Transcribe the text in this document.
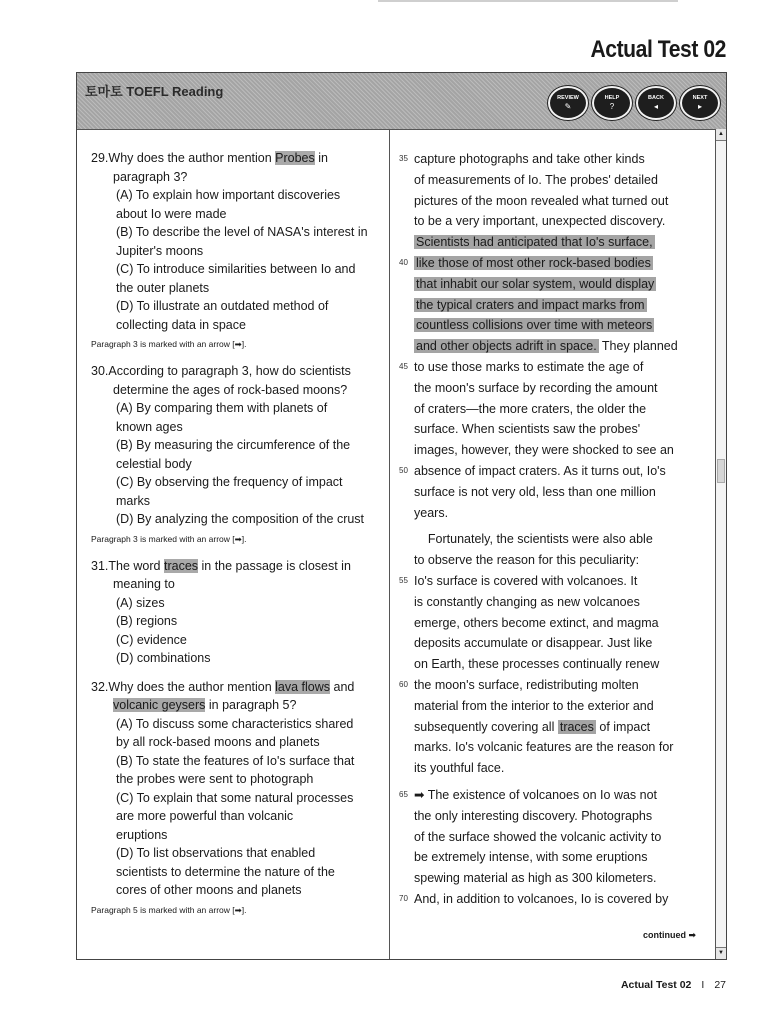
Actual Test 02
토마토 TOEFL Reading	REVIEW
✎
HELP
?
BACK
◂
NEXT
▸
29.Why does the author mention Probes in
paragraph 3?
(A) To explain how important discoveries
about Io were made
(B) To describe the level of NASA's interest in
Jupiter's moons
(C) To introduce similarities between Io and
the outer planets
(D) To illustrate an outdated method of
collecting data in space
Paragraph 3 is marked with an arrow [➡].
30.According to paragraph 3, how do scientists
determine the ages of rock-based moons?
(A) By comparing them with planets of
known ages
(B) By measuring the circumference of the
celestial body
(C) By observing the frequency of impact
marks
(D) By analyzing the composition of the crust
Paragraph 3 is marked with an arrow [➡].
31.The word traces in the passage is closest in
meaning to
(A) sizes
(B) regions
(C) evidence
(D) combinations
32.Why does the author mention lava flows and
volcanic geysers in paragraph 5?
(A) To discuss some characteristics shared
by all rock-based moons and planets
(B) To state the features of Io's surface that
the probes were sent to photograph
(C) To explain that some natural processes
are more powerful than volcanic
eruptions
(D) To list observations that enabled
scientists to determine the nature of the
cores of other moons and planets
Paragraph 5 is marked with an arrow [➡].
35 capture photographs and take other kinds
of measurements of Io. The probes' detailed
pictures of the moon revealed what turned out
to be a very important, unexpected discovery.
Scientists had anticipated that Io's surface,
40 like those of most other rock-based bodies
that inhabit our solar system, would display
the typical craters and impact marks from
countless collisions over time with meteors
and other objects adrift in space. They planned
45 to use those marks to estimate the age of
the moon's surface by recording the amount
of craters—the more craters, the older the
surface. When scientists saw the probes'
images, however, they were shocked to see an
50 absence of impact craters. As it turns out, Io's
surface is not very old, less than one million
years.
Fortunately, the scientists were also able
to observe the reason for this peculiarity:
55 Io's surface is covered with volcanoes. It
is constantly changing as new volcanoes
emerge, others become extinct, and magma
deposits accumulate or disappear. Just like
on Earth, these processes continually renew
60 the moon's surface, redistributing molten
material from the interior to the exterior and
subsequently covering all traces of impact
marks. Io's volcanic features are the reason for
its youthful face.
65 ➡ The existence of volcanoes on Io was not
the only interesting discovery. Photographs
of the surface showed the volcanic activity to
be extremely intense, with some eruptions
spewing material as high as 300 kilometers.
70 And, in addition to volcanoes, Io is covered by
continued ➡
▲
▼
Actual Test 02 I 27
